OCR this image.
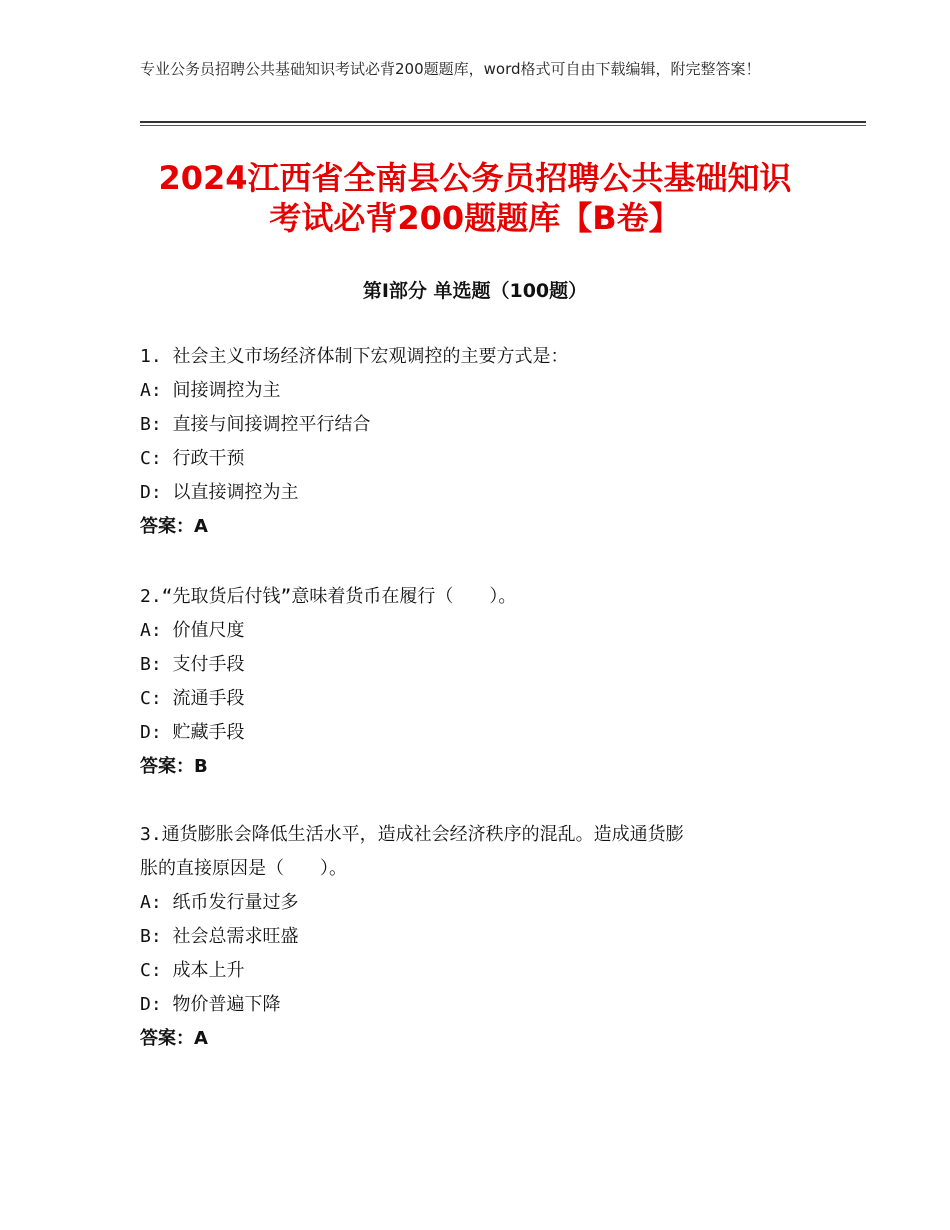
专业公务员招聘公共基础知识考试必背200题题库，word格式可自由下载编辑，附完整答案！
2024江西省全南县公务员招聘公共基础知识
考试必背200题题库【B卷】
第Ⅰ部分 单选题（100题）
1. 社会主义市场经济体制下宏观调控的主要方式是：
A: 间接调控为主
B: 直接与间接调控平行结合
C: 行政干预
D: 以直接调控为主
答案：A
2.“先取货后付钱”意味着货币在履行（　　）。
A: 价值尺度
B: 支付手段
C: 流通手段
D: 贮藏手段
答案：B
3.通货膨胀会降低生活水平，造成社会经济秩序的混乱。造成通货膨
胀的直接原因是（　　）。
A: 纸币发行量过多
B: 社会总需求旺盛
C: 成本上升
D: 物价普遍下降
答案：A
